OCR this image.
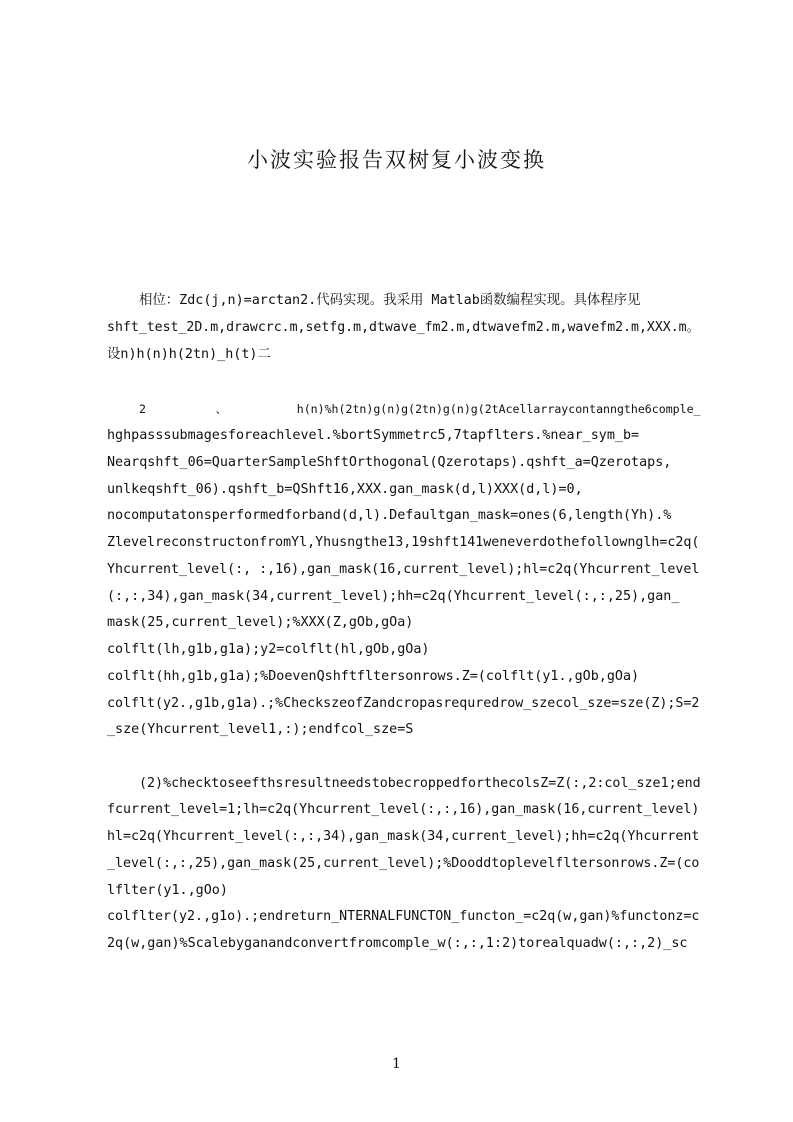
小波实验报告双树复小波变换
相位：Zdc(j,n)=arctan2.代码实现。我采用 Matlab函数编程实现。具体程序见
shft_test_2D.m,drawcrc.m,setfg.m,dtwave_fm2.m,dtwavefm2.m,wavefm2.m,XXX.m。
设n)h(n)h(2tn)_h(t)二
2          、          h(n)%h(2tn)g(n)g(2tn)g(n)g(2tAcellarraycontanngthe6comple_
hghpasssubmagesforeachlevel.%bortSymmetrc5,7tapflters.%near_sym_b=
Nearqshft_06=QuarterSampleShftOrthogonal(Qzerotaps).qshft_a=Qzerotaps,
unlkeqshft_06).qshft_b=QShft16,XXX.gan_mask(d,l)XXX(d,l)=0,
nocomputatonsperformedforband(d,l).Defaultgan_mask=ones(6,length(Yh).%
ZlevelreconstructonfromYl,Yhusngthe13,19shft141weneverdothefollownglh=c2q(
Yhcurrent_level(:, :,16),gan_mask(16,current_level);hl=c2q(Yhcurrent_level
(:,:,34),gan_mask(34,current_level);hh=c2q(Yhcurrent_level(:,:,25),gan_
mask(25,current_level);%XXX(Z,gOb,gOa)
colflt(lh,g1b,g1a);y2=colflt(hl,gOb,gOa)
colflt(hh,g1b,g1a);%DoevenQshftfltersonrows.Z=(colflt(y1.,gOb,gOa)
colflt(y2.,g1b,g1a).;%CheckszeofZandcropasrequredrow_szecol_sze=sze(Z);S=2
_sze(Yhcurrent_level1,:);endfcol_sze=S
(2)%checktoseefthsresultneedstobecroppedforthecolsZ=Z(:,2:col_sze1;end
fcurrent_level=1;lh=c2q(Yhcurrent_level(:,:,16),gan_mask(16,current_level)
hl=c2q(Yhcurrent_level(:,:,34),gan_mask(34,current_level);hh=c2q(Yhcurrent
_level(:,:,25),gan_mask(25,current_level);%Dooddtoplevelfltersonrows.Z=(co
lflter(y1.,gOo)
colflter(y2.,g1o).;endreturn_NTERNALFUNCTON_functon_=c2q(w,gan)%functonz=c
2q(w,gan)%Scalebygana​ndconvertfromcomple_w(:,:,1:2)torealquadw(:,:,2)_sc
1
